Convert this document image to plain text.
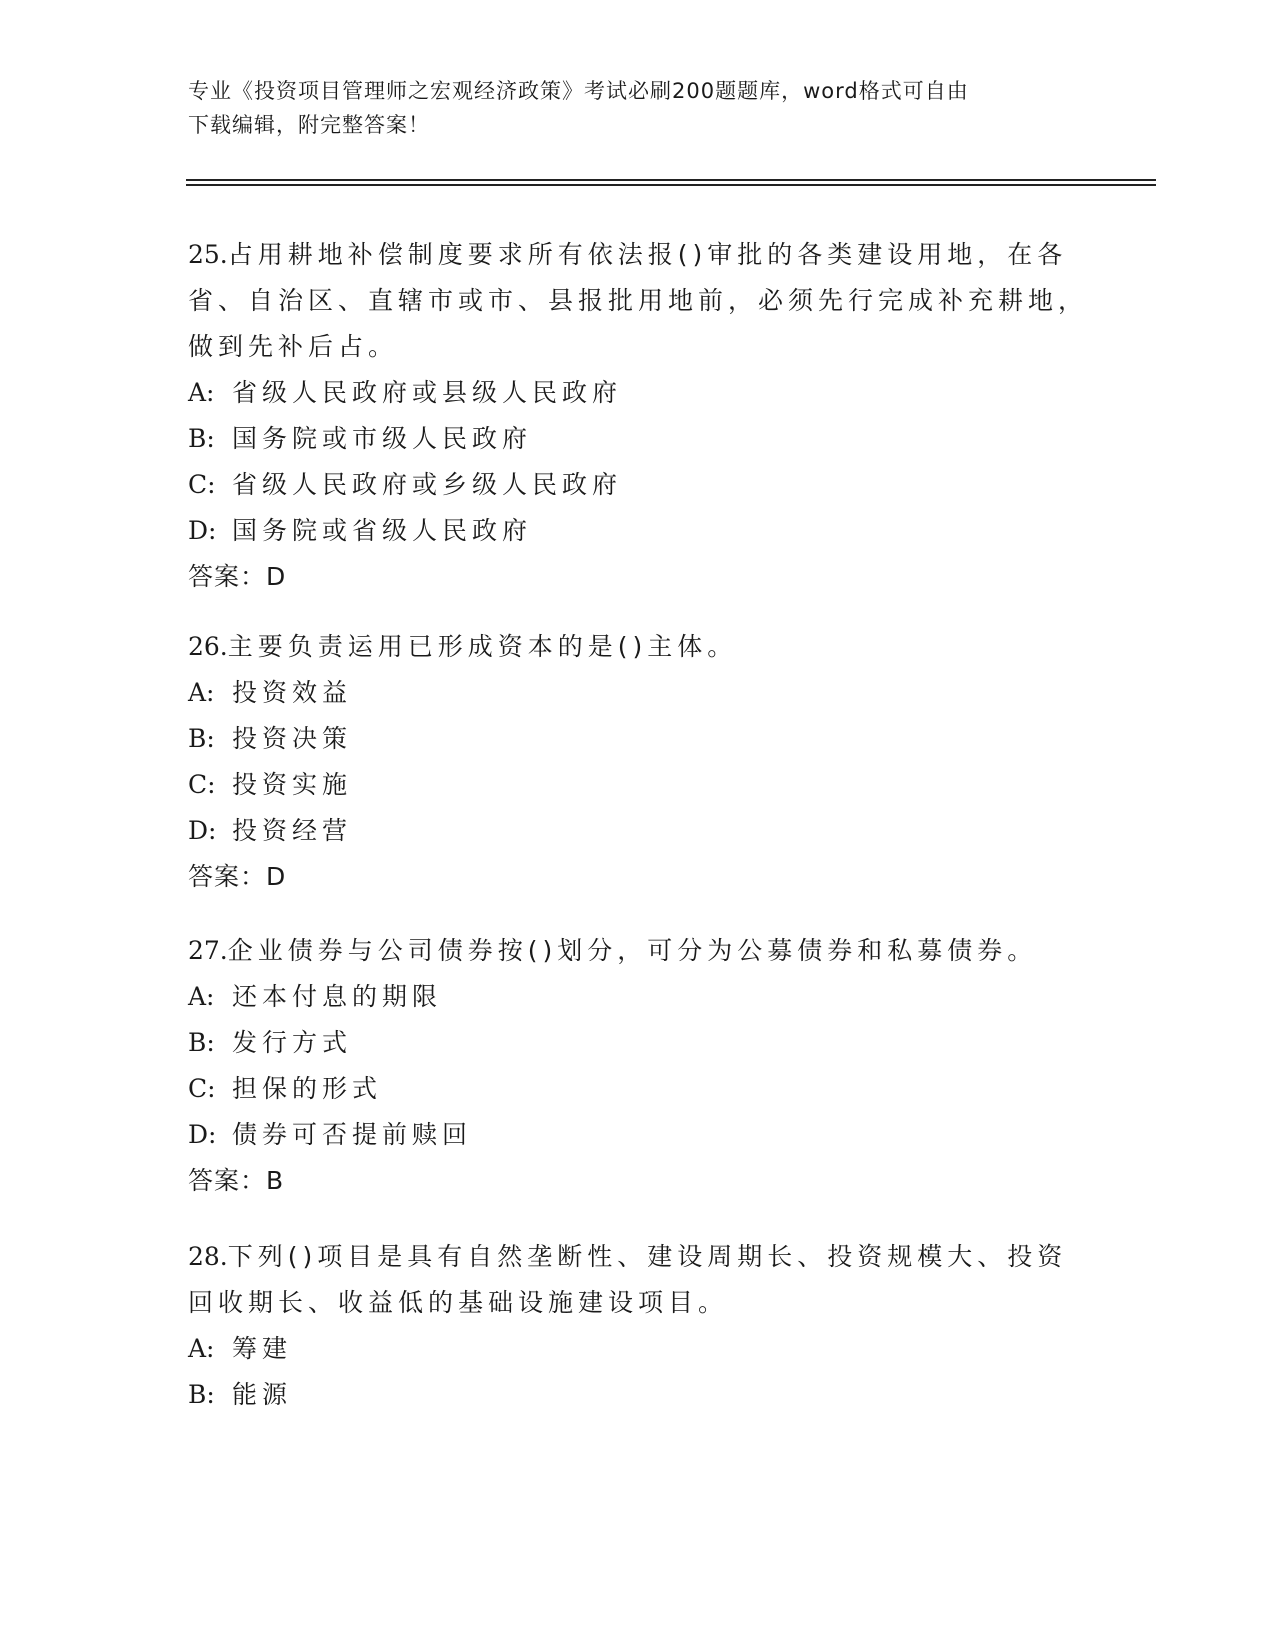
专业《投资项目管理师之宏观经济政策》考试必刷200题题库，word格式可自由
下载编辑，附完整答案！

25.占用耕地补偿制度要求所有依法报()审批的各类建设用地，在各省、自治区、直辖市或市、县报批用地前，必须先行完成补充耕地，做到先补后占。

A: 省级人民政府或县级人民政府
B: 国务院或市级人民政府
C: 省级人民政府或乡级人民政府
D: 国务院或省级人民政府
答案：D

26.主要负责运用已形成资本的是()主体。

A: 投资效益
B: 投资决策
C: 投资实施
D: 投资经营
答案：D

27.企业债券与公司债券按()划分，可分为公募债券和私募债券。

A: 还本付息的期限
B: 发行方式
C: 担保的形式
D: 债券可否提前赎回
答案：B

28.下列()项目是具有自然垄断性、建设周期长、投资规模大、投资回收期长、收益低的基础设施建设项目。

A: 筹建
B: 能源
